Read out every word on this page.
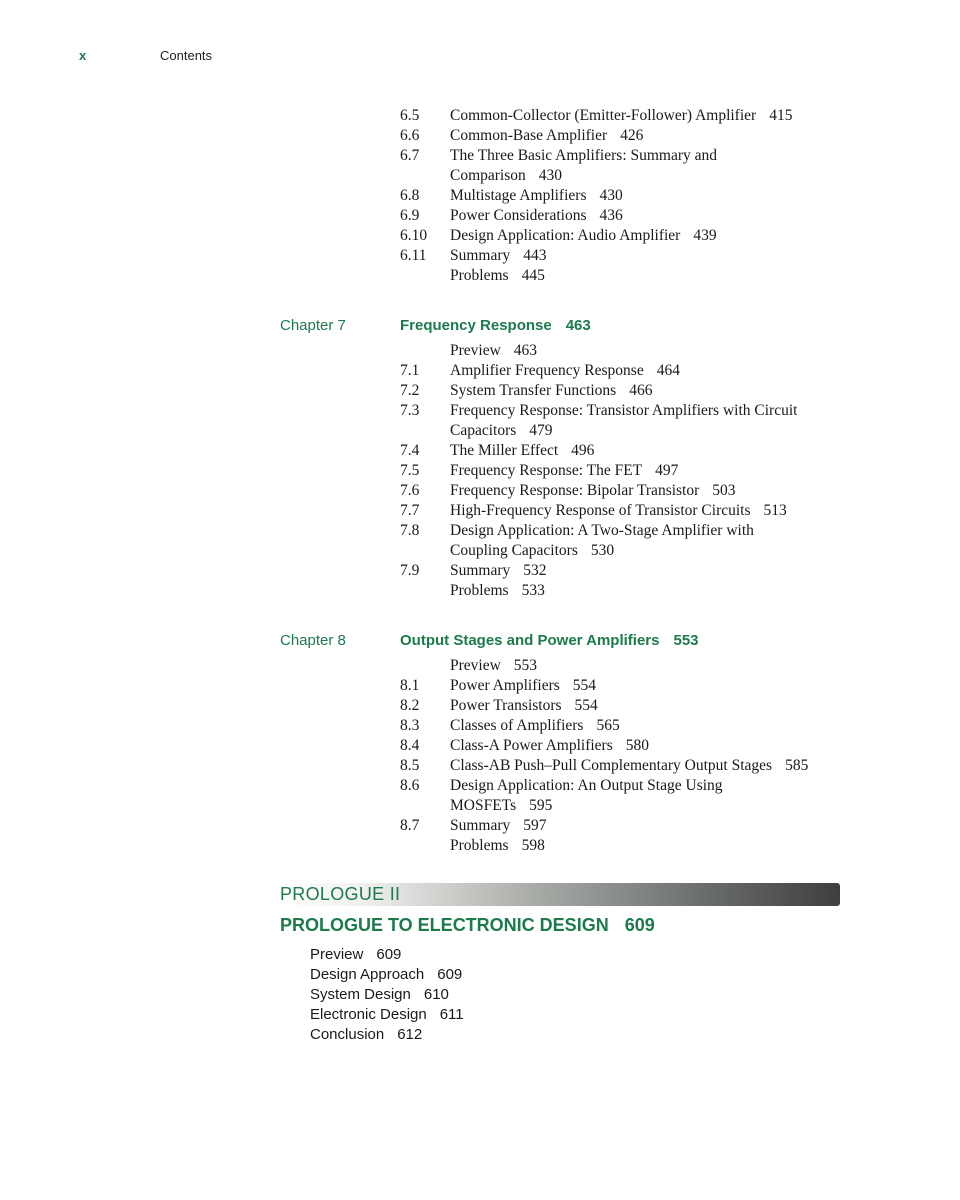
x	Contents
6.5 Common-Collector (Emitter-Follower) Amplifier 415
6.6 Common-Base Amplifier 426
6.7 The Three Basic Amplifiers: Summary and
Comparison 430
6.8 Multistage Amplifiers 430
6.9 Power Considerations 436
6.10 Design Application: Audio Amplifier 439
6.11 Summary 443
Problems 445
Chapter 7	Frequency Response 463
Preview 463
7.1 Amplifier Frequency Response 464
7.2 System Transfer Functions 466
7.3 Frequency Response: Transistor Amplifiers with Circuit
Capacitors 479
7.4 The Miller Effect 496
7.5 Frequency Response: The FET 497
7.6 Frequency Response: Bipolar Transistor 503
7.7 High-Frequency Response of Transistor Circuits 513
7.8 Design Application: A Two-Stage Amplifier with
Coupling Capacitors 530
7.9 Summary 532
Problems 533
Chapter 8	Output Stages and Power Amplifiers 553
Preview 553
8.1 Power Amplifiers 554
8.2 Power Transistors 554
8.3 Classes of Amplifiers 565
8.4 Class-A Power Amplifiers 580
8.5 Class-AB Push–Pull Complementary Output Stages 585
8.6 Design Application: An Output Stage Using
MOSFETs 595
8.7 Summary 597
Problems 598
PROLOGUE II
PROLOGUE TO ELECTRONIC DESIGN 609
Preview 609
Design Approach 609
System Design 610
Electronic Design 611
Conclusion 612
